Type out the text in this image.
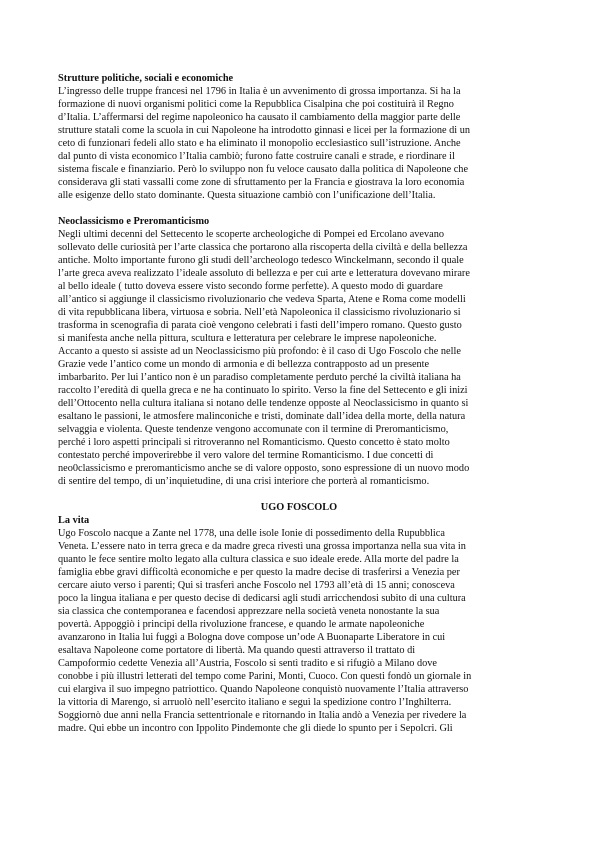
Strutture politiche, sociali e economiche

L’ingresso delle truppe francesi nel 1796 in Italia è un avvenimento di grossa importanza. Si ha la
formazione di nuovi organismi politici come la Repubblica Cisalpina che poi costituirà il Regno
d’Italia. L’affermarsi del regime napoleonico ha causato il cambiamento della maggior parte delle
strutture statali come la scuola in cui Napoleone ha introdotto ginnasi e licei per la formazione di un
ceto di funzionari fedeli allo stato e ha eliminato il monopolio ecclesiastico sull’istruzione. Anche
dal punto di vista economico l’Italia cambiò; furono fatte costruire canali e strade, e riordinare il
sistema fiscale e finanziario. Però lo sviluppo non fu veloce causato dalla politica di Napoleone che
considerava gli stati vassalli come zone di sfruttamento per la Francia e giostrava la loro economia
alle esigenze dello stato dominante. Questa situazione cambiò con l’unificazione dell’Italia.

Neoclassicismo e Preromanticismo

Negli ultimi decenni del Settecento le scoperte archeologiche di Pompei ed Ercolano avevano
sollevato delle curiosità per l’arte classica che portarono alla riscoperta della civiltà e della bellezza
antiche. Molto importante furono gli studi dell’archeologo tedesco Winckelmann, secondo il quale
l’arte greca aveva realizzato l’ideale assoluto di bellezza e per cui arte e letteratura dovevano mirare
al bello ideale ( tutto doveva essere visto secondo forme perfette). A questo modo di guardare
all’antico si aggiunge il classicismo rivoluzionario che vedeva Sparta, Atene e Roma come modelli
di vita repubblicana libera, virtuosa e sobria. Nell’età Napoleonica il classicismo rivoluzionario si
trasforma in scenografia di parata cioè vengono celebrati i fasti dell’impero romano. Questo gusto
si manifesta anche nella pittura, scultura e letteratura per celebrare le imprese napoleoniche.
Accanto a questo si assiste ad un Neoclassicismo più profondo: è il caso di Ugo Foscolo che nelle
Grazie vede l’antico come un mondo di armonia e di bellezza contrapposto ad un presente
imbarbarito. Per lui l’antico non è un paradiso completamente perduto perché la civiltà italiana ha
raccolto l’eredità di quella greca e ne ha continuato lo spirito. Verso la fine del Settecento e gli inizi
dell’Ottocento nella cultura italiana si notano delle tendenze opposte al Neoclassicismo in quanto si
esaltano le passioni, le atmosfere malinconiche e tristi, dominate dall’idea della morte, della natura
selvaggia e violenta. Queste tendenze vengono accomunate con il termine di Preromanticismo,
perché i loro aspetti principali si ritroveranno nel Romanticismo. Questo concetto è stato molto
contestato perché impoverirebbe il vero valore del termine Romanticismo. I due concetti di
neo0classicismo e preromanticismo anche se di valore opposto, sono espressione di un nuovo modo
di sentire del tempo, di un’inquietudine, di una crisi interiore che porterà al romanticismo.

UGO FOSCOLO

La vita

Ugo Foscolo nacque a Zante nel 1778, una delle isole Ionie di possedimento della Rupubblica
Veneta. L’essere nato in terra greca e da madre greca rivestì una grossa importanza nella sua vita in
quanto le fece sentire molto legato alla cultura classica e suo ideale erede. Alla morte del padre la
famiglia ebbe gravi difficoltà economiche e per questo la madre decise di trasferirsi a Venezia per
cercare aiuto verso i parenti; Qui si trasferì anche Foscolo nel 1793 all’età di 15 anni; conosceva
poco la lingua italiana e per questo decise di dedicarsi agli studi arricchendosi subito di una cultura
sia classica che contemporanea e facendosi apprezzare nella società veneta nonostante la sua
povertà. Appoggiò i principi della rivoluzione francese, e quando le armate napoleoniche
avanzarono in Italia lui fuggì a Bologna dove compose un’ode A Buonaparte Liberatore in cui
esaltava Napoleone come portatore di libertà. Ma quando questi attraverso il trattato di
Campoformio cedette Venezia all’Austria, Foscolo si sentì tradito e si rifugiò a Milano dove
conobbe i più illustri letterati del tempo come Parini, Monti, Cuoco. Con questi fondò un giornale in
cui elargiva il suo impegno patriottico. Quando Napoleone conquistò nuovamente l’Italia attraverso
la vittoria di Marengo, si arruolò nell’esercito italiano e seguì la spedizione contro l’Inghilterra.
Soggiornò due anni nella Francia settentrionale e ritornando in Italia andò a Venezia per rivedere la
madre. Qui ebbe un incontro con Ippolito Pindemonte che gli diede lo spunto per i Sepolcri. Gli
